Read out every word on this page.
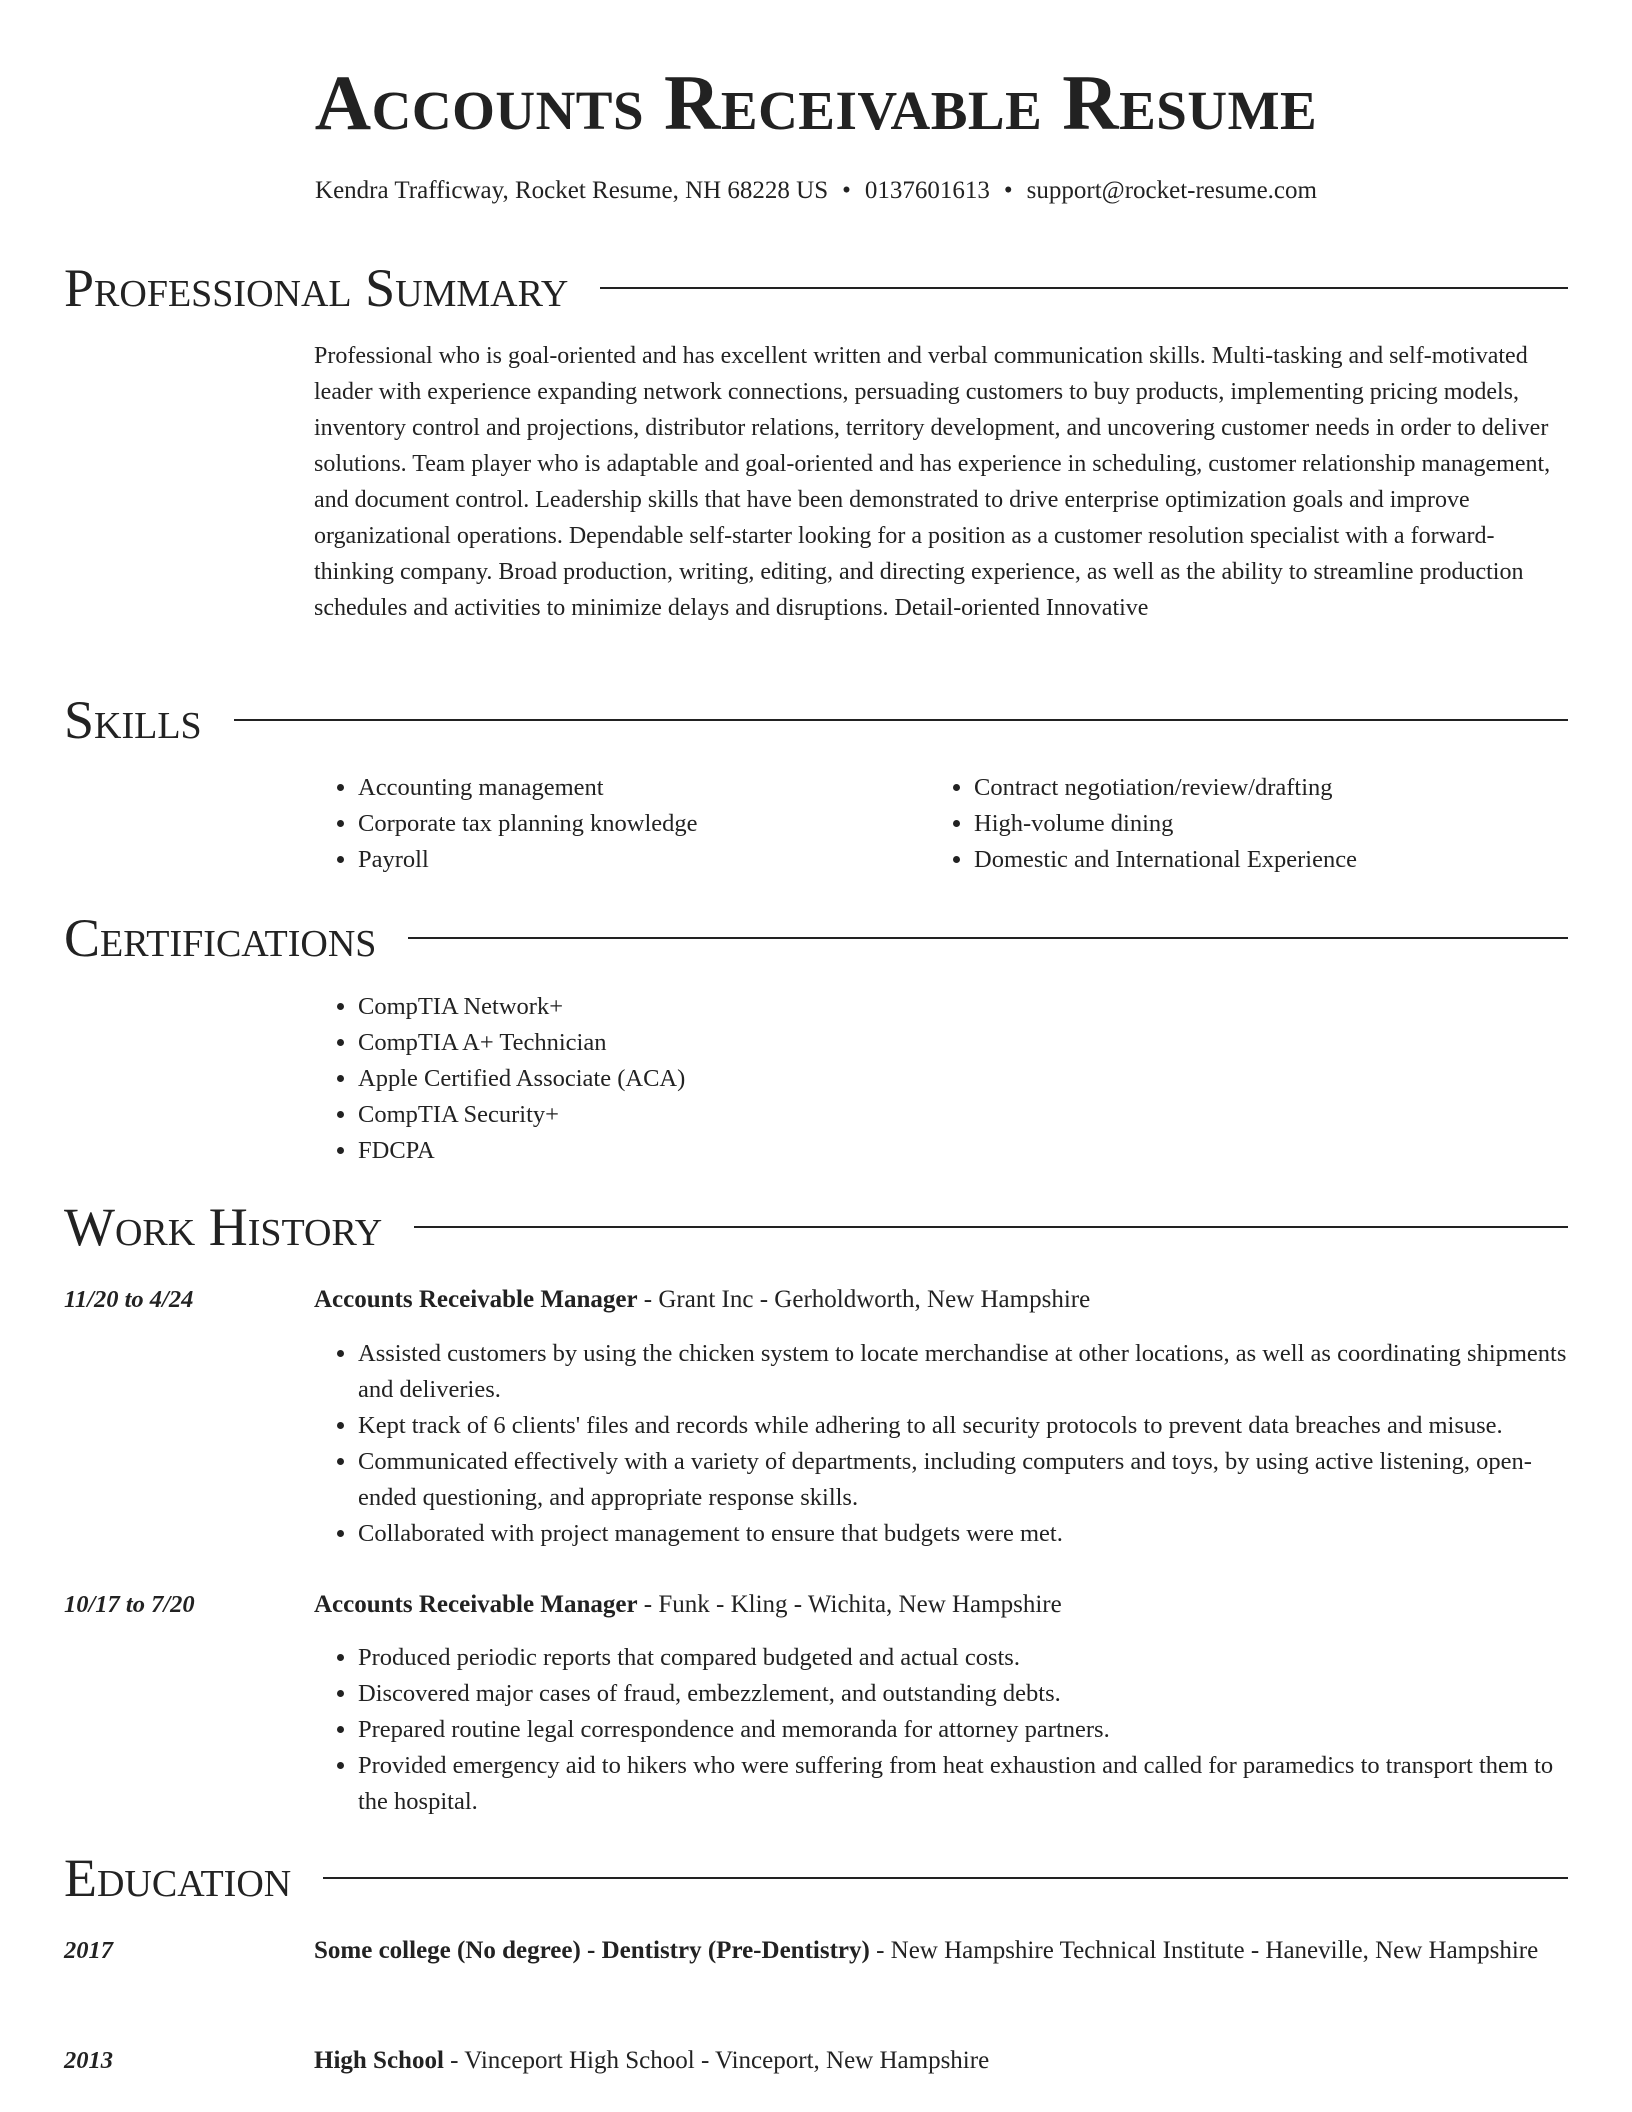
Accounts Receivable Resume
Kendra Trafficway, Rocket Resume, NH 68228 US • 0137601613 • support@rocket-resume.com
Professional Summary

Professional who is goal-oriented and has excellent written and verbal communication skills. Multi-tasking and self-motivated leader with experience expanding network connections, persuading customers to buy products, implementing pricing models, inventory control and projections, distributor relations, territory development, and uncovering customer needs in order to deliver solutions. Team player who is adaptable and goal-oriented and has experience in scheduling, customer relationship management, and document control. Leadership skills that have been demonstrated to drive enterprise optimization goals and improve organizational operations. Dependable self-starter looking for a position as a customer resolution specialist with a forward-thinking company. Broad production, writing, editing, and directing experience, as well as the ability to streamline production schedules and activities to minimize delays and disruptions. Detail-oriented Innovative

Skills
• Accounting management
• Corporate tax planning knowledge
• Payroll
• Contract negotiation/review/drafting
• High-volume dining
• Domestic and International Experience
Certifications
• CompTIA Network+
• CompTIA A+ Technician
• Apple Certified Associate (ACA)
• CompTIA Security+
• FDCPA
Work History
11/20 to 4/24	Accounts Receivable Manager - Grant Inc - Gerholdworth, New Hampshire
• Assisted customers by using the chicken system to locate merchandise at other locations, as well as coordinating shipments and deliveries.
• Kept track of 6 clients' files and records while adhering to all security protocols to prevent data breaches and misuse.
• Communicated effectively with a variety of departments, including computers and toys, by using active listening, open-ended questioning, and appropriate response skills.
• Collaborated with project management to ensure that budgets were met.
10/17 to 7/20	Accounts Receivable Manager - Funk - Kling - Wichita, New Hampshire
• Produced periodic reports that compared budgeted and actual costs.
• Discovered major cases of fraud, embezzlement, and outstanding debts.
• Prepared routine legal correspondence and memoranda for attorney partners.
• Provided emergency aid to hikers who were suffering from heat exhaustion and called for paramedics to transport them to the hospital.
Education
2017	Some college (No degree) - Dentistry (Pre-Dentistry) - New Hampshire Technical Institute - Haneville, New Hampshire
2013	High School - Vinceport High School - Vinceport, New Hampshire
